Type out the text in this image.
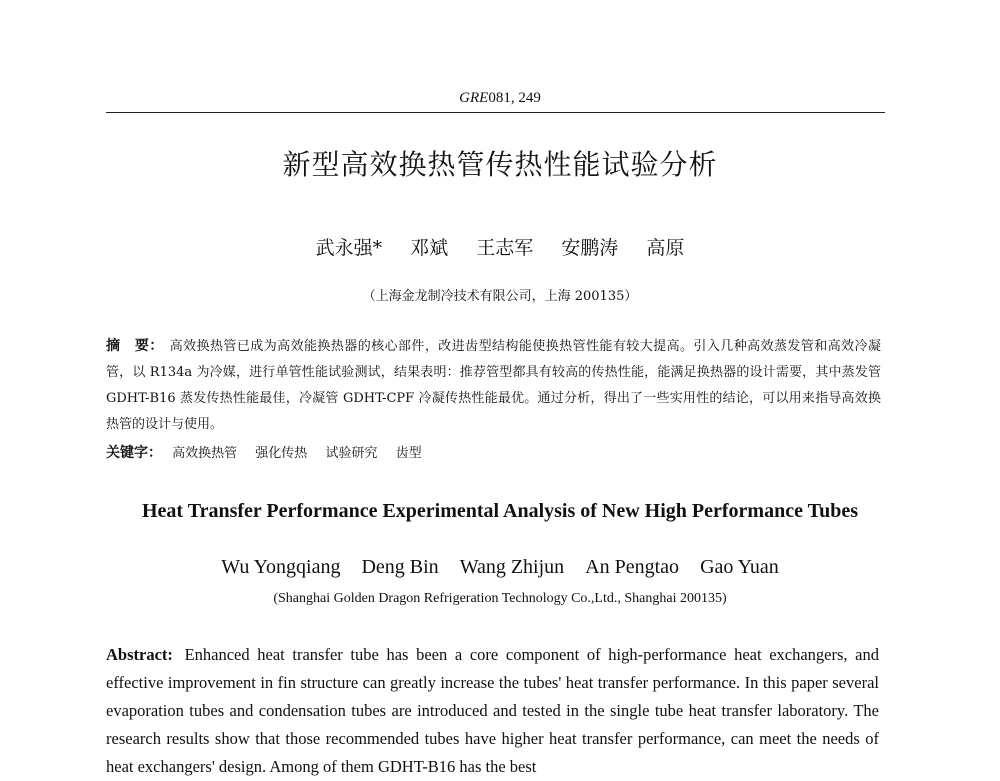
GRE081, 249
新型高效换热管传热性能试验分析
武永强* 邓斌 王志军 安鹏涛 高原
（上海金龙制冷技术有限公司，上海 200135）
摘　要： 高效换热管已成为高效能换热器的核心部件，改进齿型结构能使换热管性能有较大提高。引入几种高效蒸发管和高效冷凝管，以 R134a 为冷媒，进行单管性能试验测试，结果表明：推荐管型都具有较高的传热性能，能满足换热器的设计需要，其中蒸发管 GDHT-B16 蒸发传热性能最佳，冷凝管 GDHT-CPF 冷凝传热性能最优。通过分析，得出了一些实用性的结论，可以用来指导高效换热管的设计与使用。
关键字： 高效换热管 强化传热 试验研究 齿型
Heat Transfer Performance Experimental Analysis of New High Performance Tubes
Wu Yongqiang Deng Bin Wang Zhijun An Pengtao Gao Yuan
(Shanghai Golden Dragon Refrigeration Technology Co.,Ltd., Shanghai 200135)
Abstract: Enhanced heat transfer tube has been a core component of high-performance heat exchangers, and effective improvement in fin structure can greatly increase the tubes' heat transfer performance. In this paper several evaporation tubes and condensation tubes are introduced and tested in the single tube heat transfer laboratory. The research results show that those recommended tubes have higher heat transfer performance, can meet the needs of heat exchangers' design. Among of them GDHT-B16 has the best
